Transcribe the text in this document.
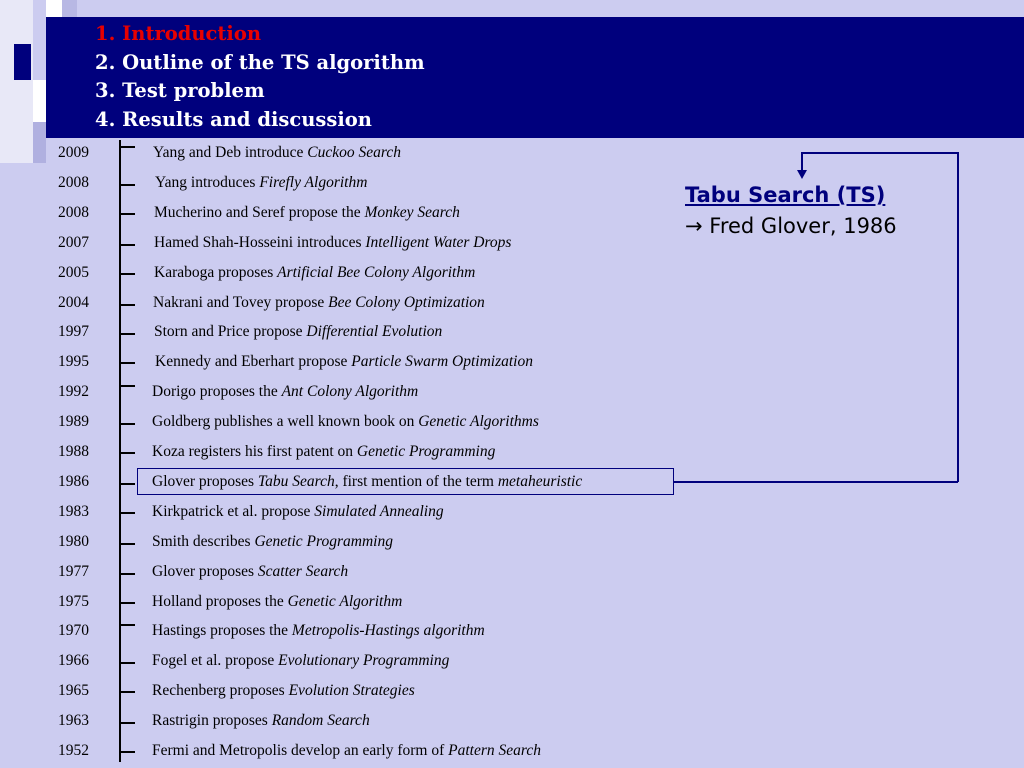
1. Introduction
2. Outline of the TS algorithm
3. Test problem
4. Results and discussion
2009	Yang and Deb introduce Cuckoo Search
2008	Yang introduces Firefly Algorithm
2008	Mucherino and Seref propose the Monkey Search
2007	Hamed Shah-Hosseini introduces Intelligent Water Drops
2005	Karaboga proposes Artificial Bee Colony Algorithm
2004	Nakrani and Tovey propose Bee Colony Optimization
1997	Storn and Price propose Differential Evolution
1995	Kennedy and Eberhart propose Particle Swarm Optimization
1992	Dorigo proposes the Ant Colony Algorithm
1989	Goldberg publishes a well known book on Genetic Algorithms
1988	Koza registers his first patent on Genetic Programming
1986	Glover proposes Tabu Search, first mention of the term metaheuristic
1983	Kirkpatrick et al. propose Simulated Annealing
1980	Smith describes Genetic Programming
1977	Glover proposes Scatter Search
1975	Holland proposes the Genetic Algorithm
1970	Hastings proposes the Metropolis-Hastings algorithm
1966	Fogel et al. propose Evolutionary Programming
1965	Rechenberg proposes Evolution Strategies
1963	Rastrigin proposes Random Search
1952	Fermi and Metropolis develop an early form of Pattern Search
Tabu Search (TS)
→ Fred Glover, 1986
